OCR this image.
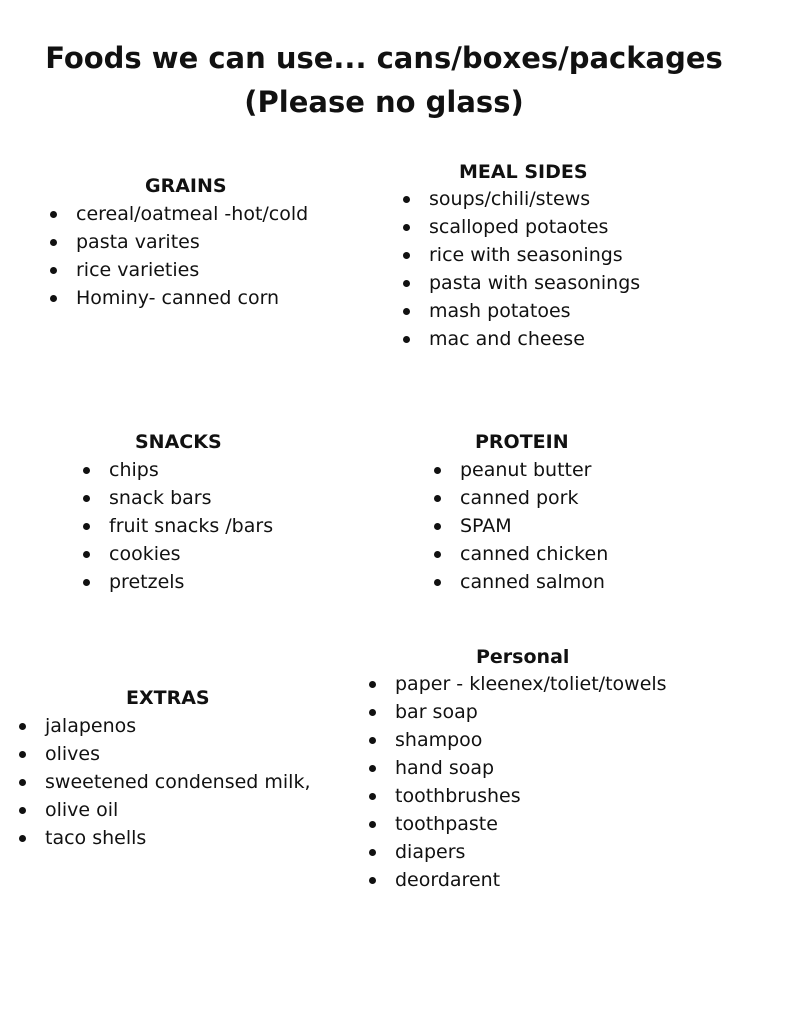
Foods we can use... cans/boxes/packages
(Please no glass)
GRAINS
cereal/oatmeal -hot/cold
pasta varites
rice varieties
Hominy- canned corn
MEAL SIDES
soups/chili/stews
scalloped potaotes
rice with seasonings
pasta with seasonings
mash potatoes
mac and cheese
SNACKS
chips
snack bars
fruit snacks /bars
cookies
pretzels
PROTEIN
peanut butter
canned pork
SPAM
canned chicken
canned salmon
EXTRAS
jalapenos
olives
sweetened condensed milk,
olive oil
taco shells
Personal
paper - kleenex/toliet/towels
bar soap
shampoo
hand soap
toothbrushes
toothpaste
diapers
deordarent
